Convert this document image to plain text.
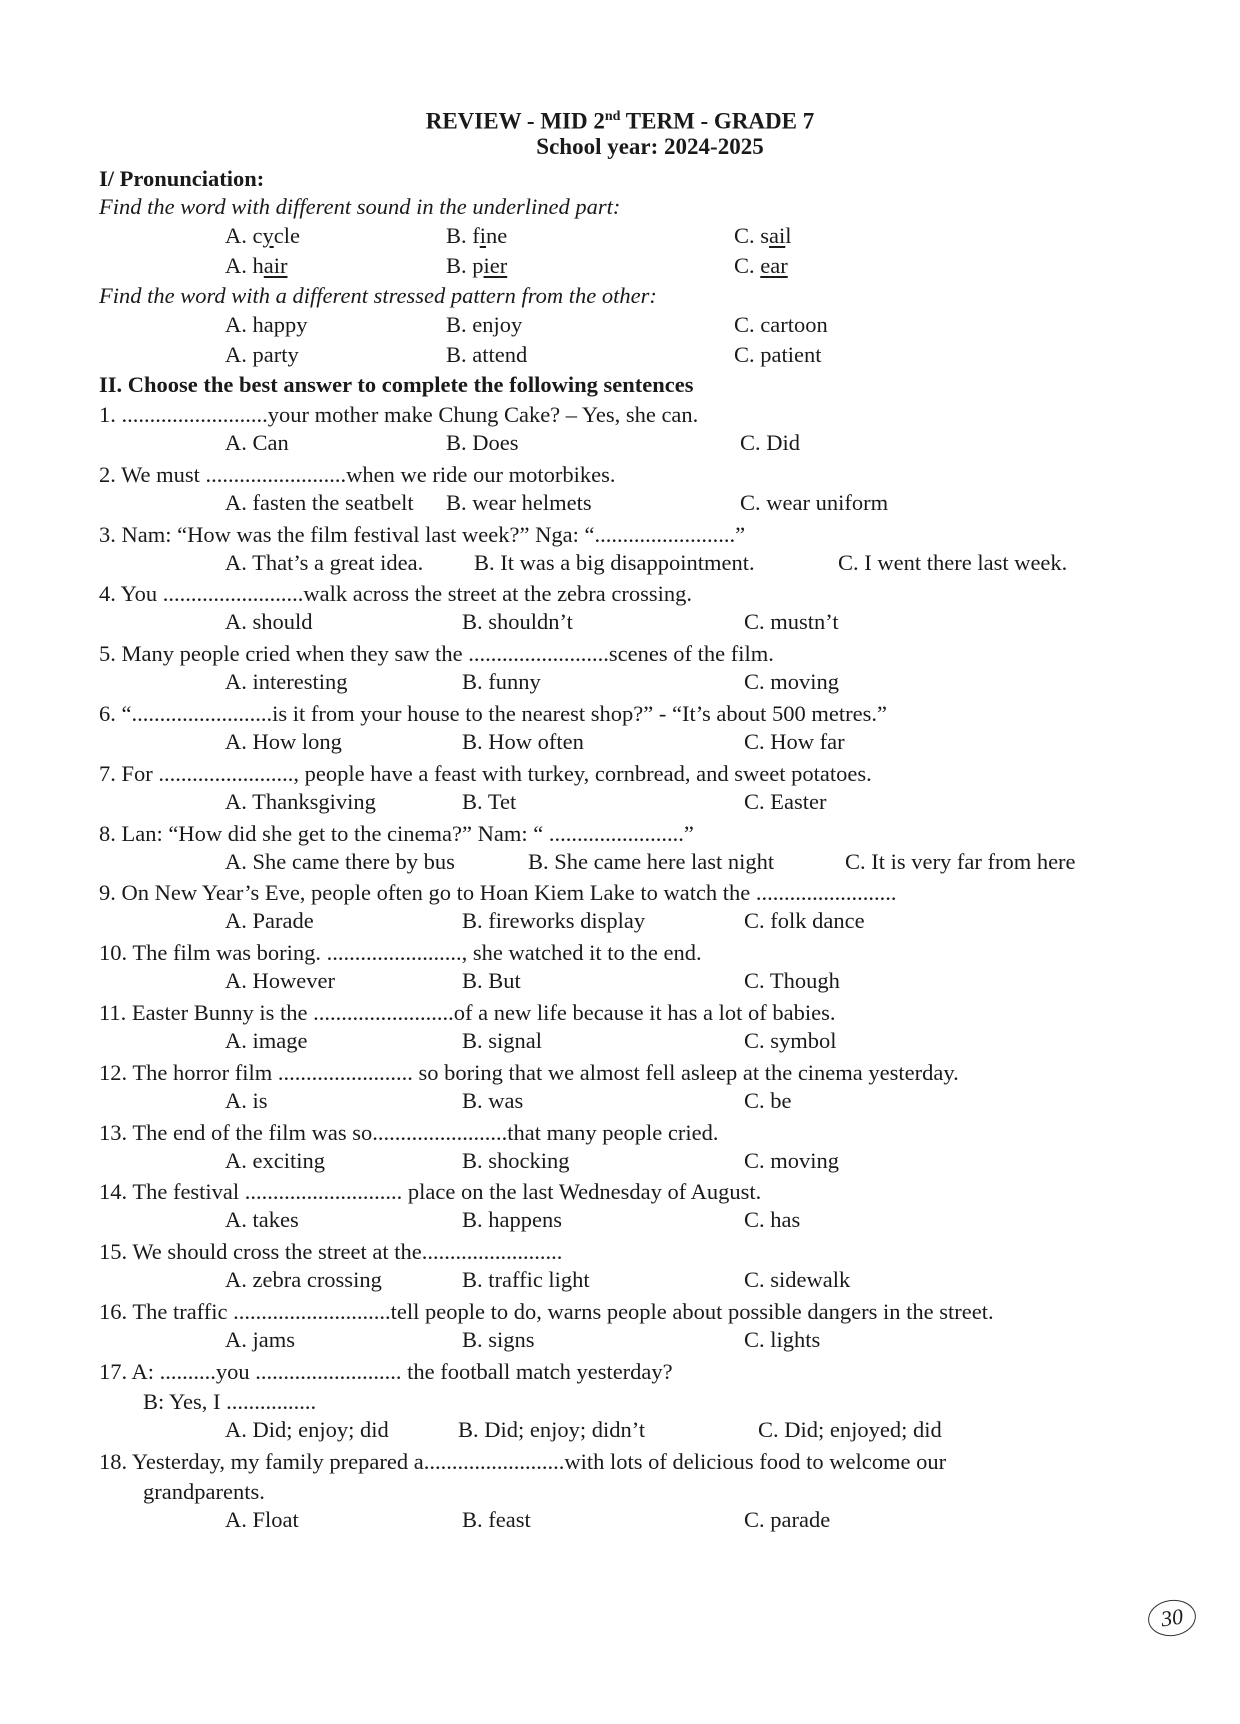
REVIEW - MID 2nd TERM - GRADE 7
School year: 2024-2025
I/ Pronunciation:
Find the word with different sound in the underlined part:
A. cycle	B. fine	C. sail
A. hair	B. pier	C. ear
Find the word with a different stressed pattern from the other:
A. happy	B. enjoy	C. cartoon
A. party	B. attend	C. patient
II. Choose the best answer to complete the following sentences
1. ..........................your mother make Chung Cake? – Yes, she can.
A. Can	B. Does	C. Did
2. We must .........................when we ride our motorbikes.
A. fasten the seatbelt B. wear helmets	C. wear uniform
3. Nam: “How was the film festival last week?” Nga: “.........................”
A. That’s a great idea. B. It was a big disappointment.	C. I went there last week.
4. You .........................walk across the street at the zebra crossing.
A. should	B. shouldn’t	C. mustn’t
5. Many people cried when they saw the .........................scenes of the film.
A. interesting	B. funny	C. moving
6. “.........................is it from your house to the nearest shop?” - “It’s about 500 metres.”
A. How long	B. How often	C. How far
7. For ........................, people have a feast with turkey, cornbread, and sweet potatoes.
A. Thanksgiving	B. Tet	C. Easter
8. Lan: “How did she get to the cinema?” Nam: “ ........................”
A. She came there by bus	B. She came here last night	C. It is very far from here
9. On New Year’s Eve, people often go to Hoan Kiem Lake to watch the .........................
A. Parade	B. fireworks display	C. folk dance
10. The film was boring. ........................, she watched it to the end.
A. However	B. But	C. Though
11. Easter Bunny is the .........................of a new life because it has a lot of babies.
A. image	B. signal	C. symbol
12. The horror film ........................ so boring that we almost fell asleep at the cinema yesterday.
A. is	B. was	C. be
13. The end of the film was so........................that many people cried.
A. exciting	B. shocking	C. moving
14. The festival ............................ place on the last Wednesday of August.
A. takes	B. happens	C. has
15. We should cross the street at the.........................
A. zebra crossing	B. traffic light	C. sidewalk
16. The traffic ............................tell people to do, warns people about possible dangers in the street.
A. jams	B. signs	C. lights
17. A: ..........you .......................... the football match yesterday?
B: Yes, I ................
A. Did; enjoy; did	B. Did; enjoy; didn’t	C. Did; enjoyed; did
18. Yesterday, my family prepared a.........................with lots of delicious food to welcome our
grandparents.
A. Float	B. feast	C. parade
30
